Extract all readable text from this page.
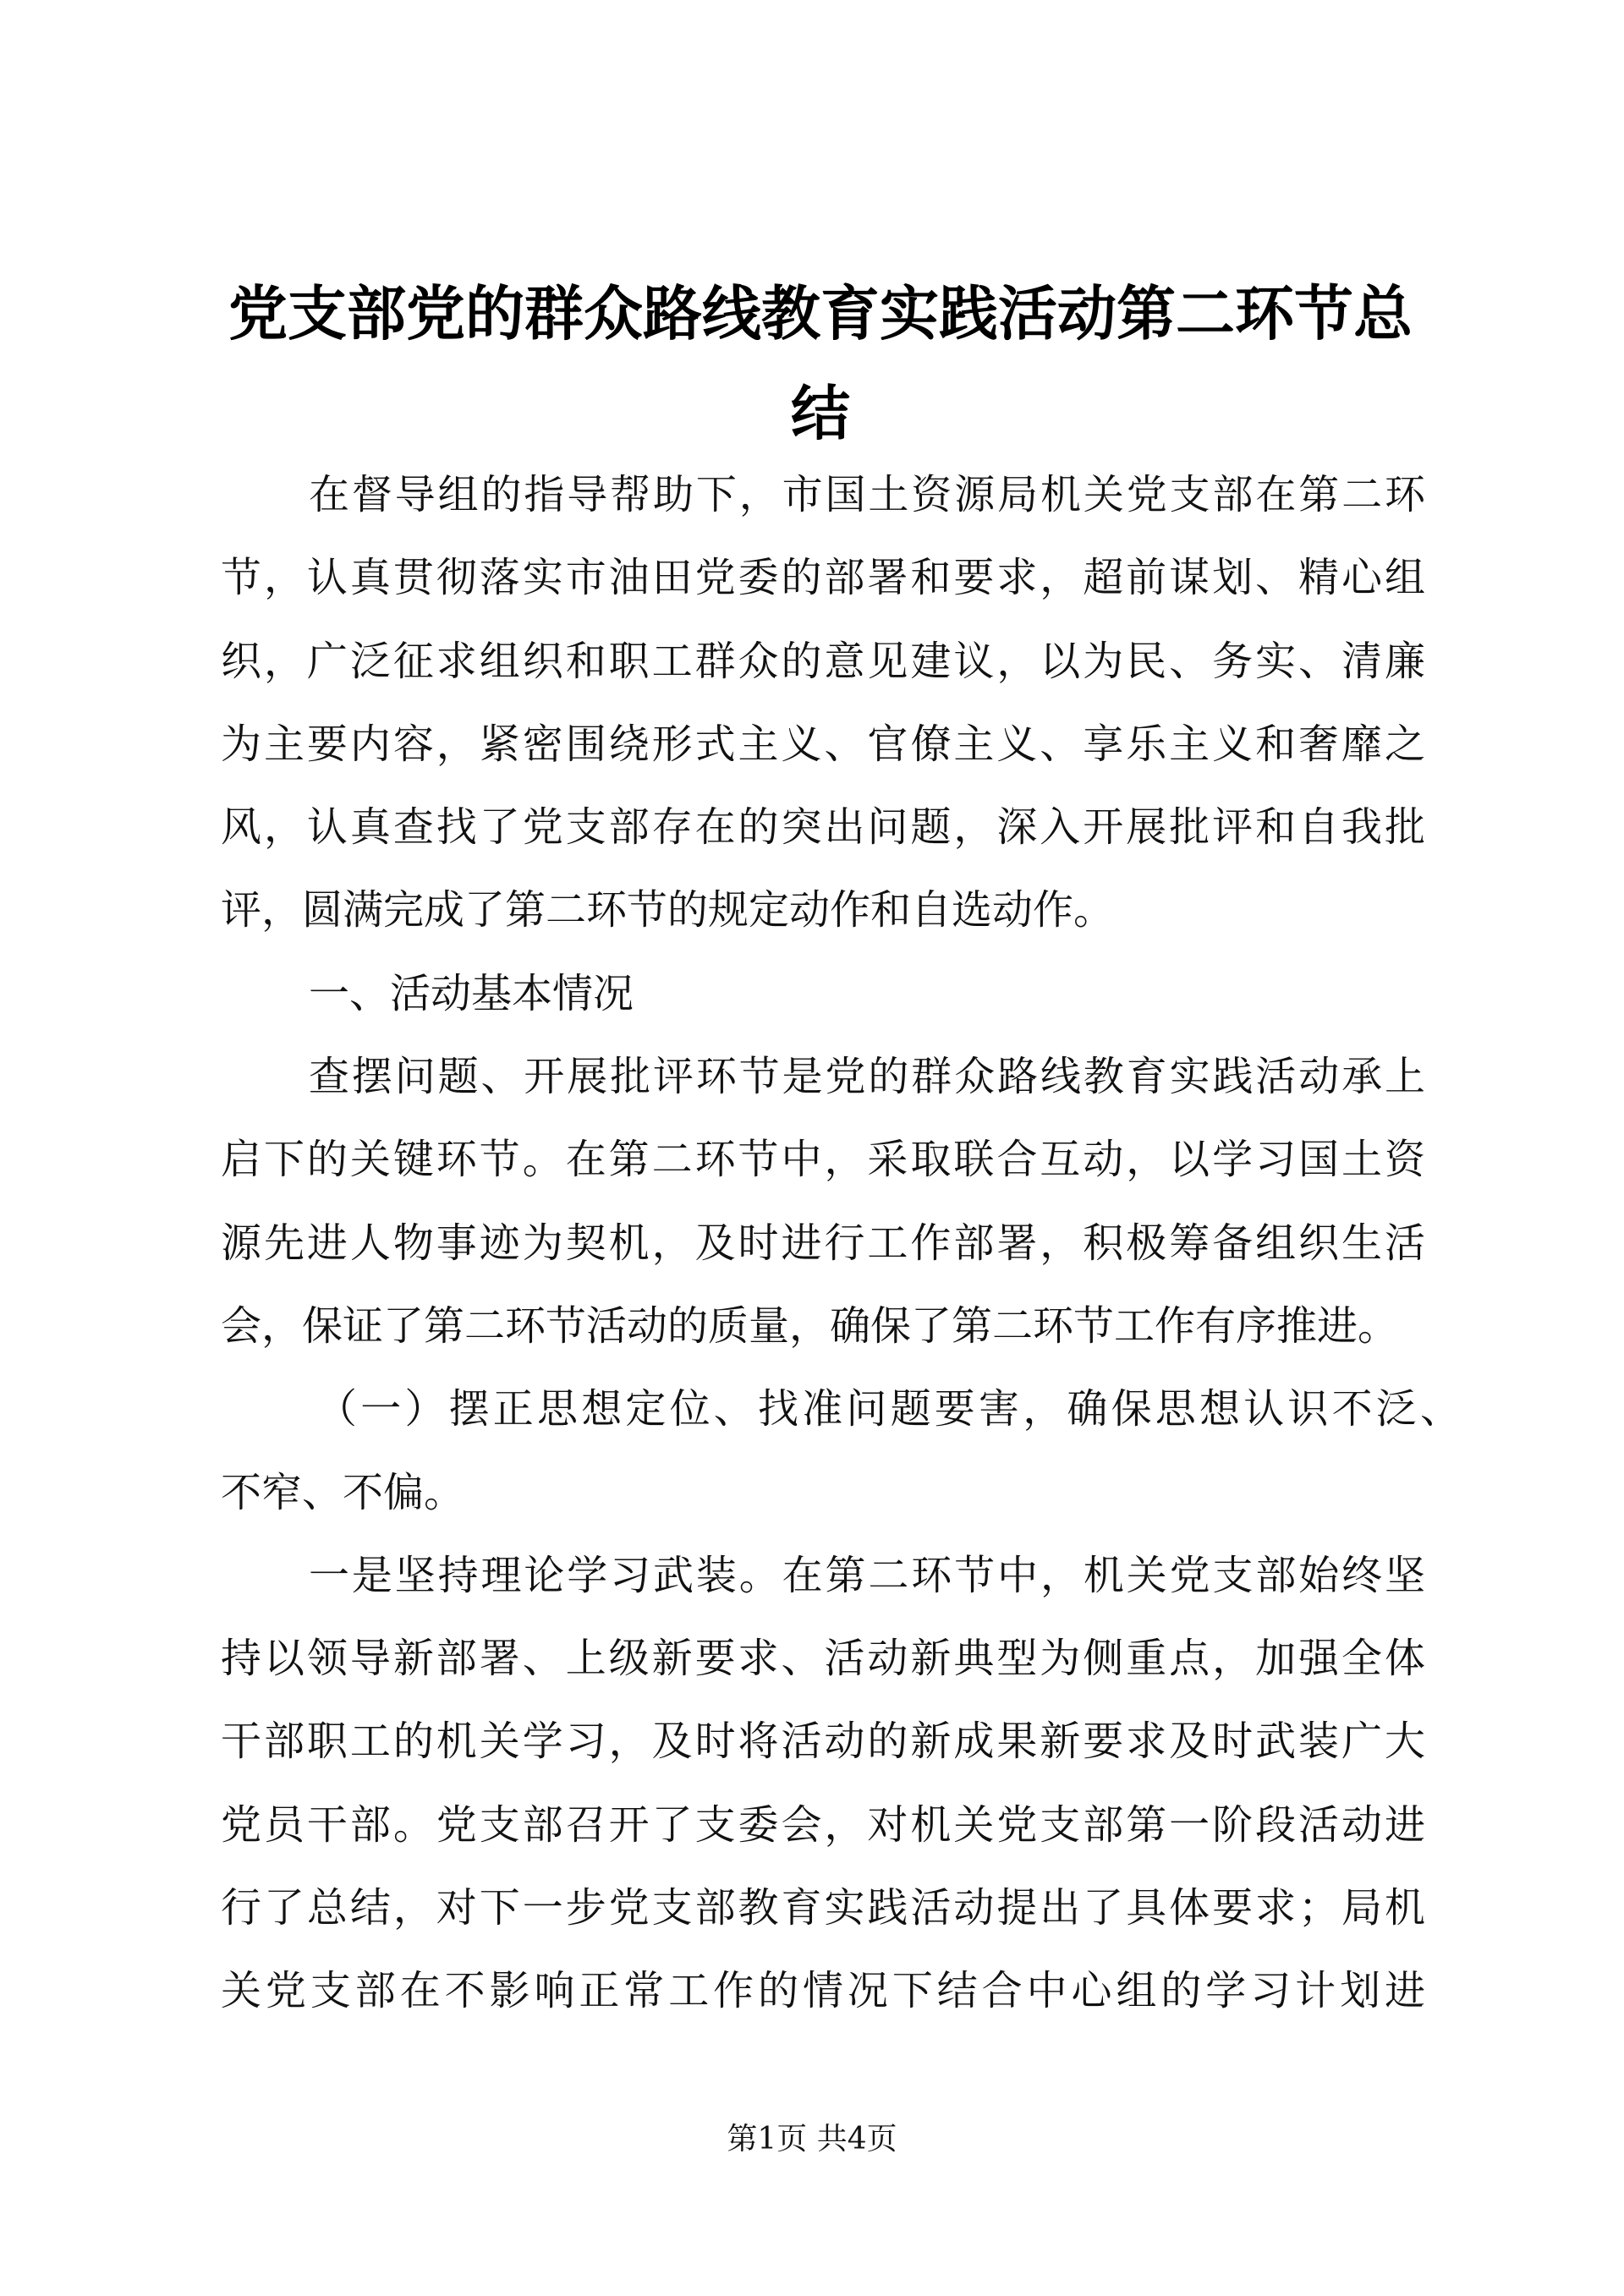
党支部党的群众路线教育实践活动第二环节总
结
在督导组的指导帮助下，市国土资源局机关党支部在第二环
节，认真贯彻落实市油田党委的部署和要求，超前谋划、精心组
织，广泛征求组织和职工群众的意见建议，以为民、务实、清廉
为主要内容，紧密围绕形式主义、官僚主义、享乐主义和奢靡之
风，认真查找了党支部存在的突出问题，深入开展批评和自我批
评，圆满完成了第二环节的规定动作和自选动作。
一、活动基本情况
查摆问题、开展批评环节是党的群众路线教育实践活动承上
启下的关键环节。在第二环节中，采取联合互动，以学习国土资
源先进人物事迹为契机，及时进行工作部署，积极筹备组织生活
会，保证了第二环节活动的质量，确保了第二环节工作有序推进。
（一）摆正思想定位、找准问题要害，确保思想认识不泛、
不窄、不偏。
一是坚持理论学习武装。在第二环节中，机关党支部始终坚
持以领导新部署、上级新要求、活动新典型为侧重点，加强全体
干部职工的机关学习，及时将活动的新成果新要求及时武装广大
党员干部。党支部召开了支委会，对机关党支部第一阶段活动进
行了总结，对下一步党支部教育实践活动提出了具体要求；局机
关党支部在不影响正常工作的情况下结合中心组的学习计划进
第1页 共4页
